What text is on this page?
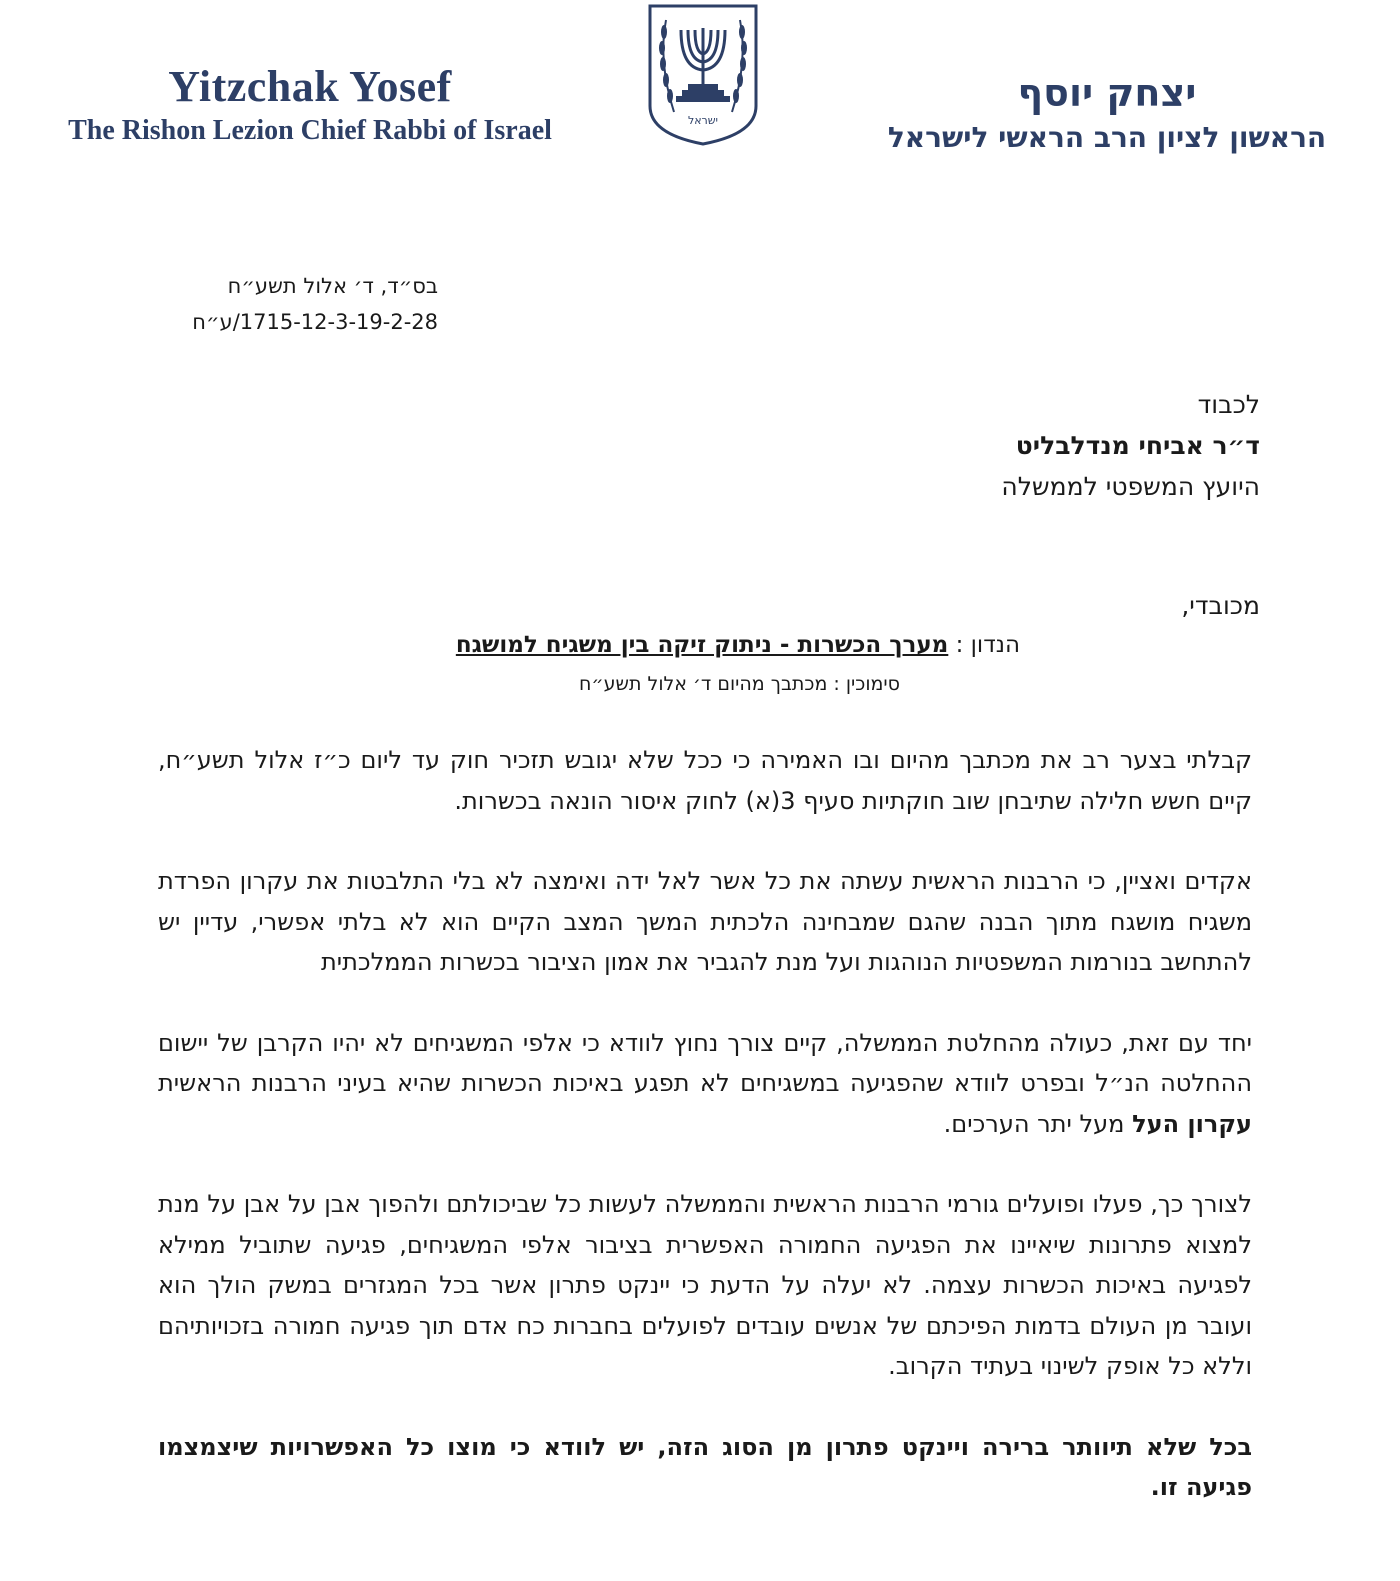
Yitzchak Yosef
The Rishon Lezion Chief Rabbi of Israel	ישראל
יצחק יוסף
הראשון לציון הרב הראשי לישראל
בס״ד, ד׳ אלול תשע״ח
1715-12-3-19-2-28/ע״ח
לכבוד
ד״ר אביחי מנדלבליט
היועץ המשפטי לממשלה
מכובדי,
הנדון : מערך הכשרות - ניתוק זיקה בין משגיח למושגח
סימוכין : מכתבך מהיום ד׳ אלול תשע״ח

קבלתי בצער רב את מכתבך מהיום ובו האמירה כי ככל שלא יגובש תזכיר חוק עד ליום כ״ז אלול תשע״ח, קיים חשש חלילה שתיבחן שוב חוקתיות סעיף 3(א) לחוק איסור הונאה בכשרות.

אקדים ואציין, כי הרבנות הראשית עשתה את כל אשר לאל ידה ואימצה לא בלי התלבטות את עקרון הפרדת משגיח מושגח מתוך הבנה שהגם שמבחינה הלכתית המשך המצב הקיים הוא לא בלתי אפשרי, עדיין יש להתחשב בנורמות המשפטיות הנוהגות ועל מנת להגביר את אמון הציבור בכשרות הממלכתית

יחד עם זאת, כעולה מהחלטת הממשלה, קיים צורך נחוץ לוודא כי אלפי המשגיחים לא יהיו הקרבן של יישום ההחלטה הנ״ל ובפרט לוודא שהפגיעה במשגיחים לא תפגע באיכות הכשרות שהיא בעיני הרבנות הראשית עקרון העל מעל יתר הערכים.

לצורך כך, פעלו ופועלים גורמי הרבנות הראשית והממשלה לעשות כל שביכולתם ולהפוך אבן על אבן על מנת למצוא פתרונות שיאיינו את הפגיעה החמורה האפשרית בציבור אלפי המשגיחים, פגיעה שתוביל ממילא לפגיעה באיכות הכשרות עצמה. לא יעלה על הדעת כי יינקט פתרון אשר בכל המגזרים במשק הולך הוא ועובר מן העולם בדמות הפיכתם של אנשים עובדים לפועלים בחברות כח אדם תוך פגיעה חמורה בזכויותיהם וללא כל אופק לשינוי בעתיד הקרוב.

בכל שלא תיוותר ברירה ויינקט פתרון מן הסוג הזה, יש לוודא כי מוצו כל האפשרויות שיצמצמו פגיעה זו.
